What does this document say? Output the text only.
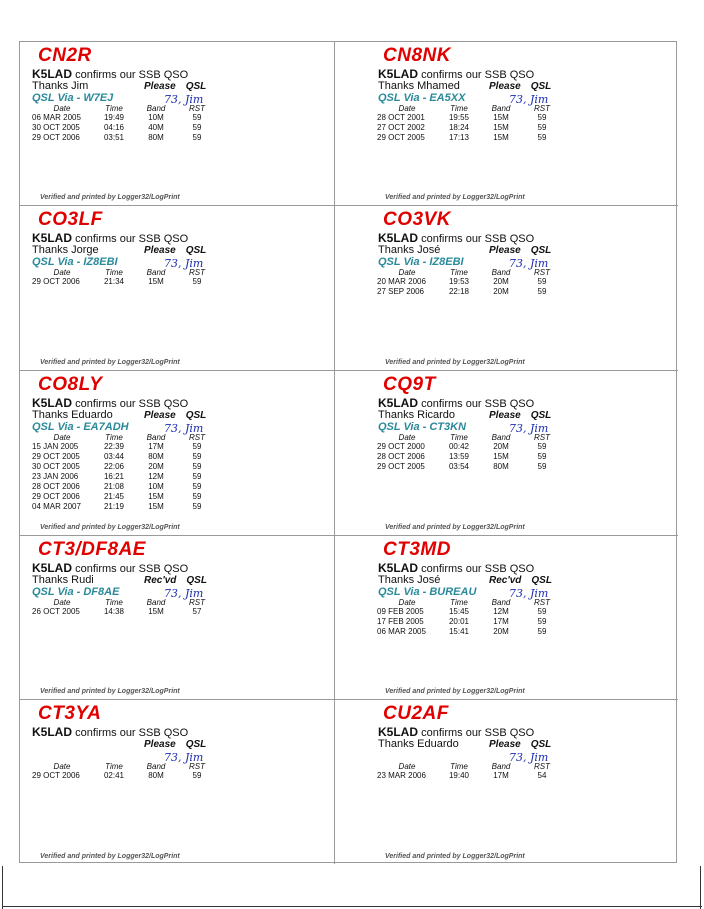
CN2R
K5LAD confirms our SSB QSO
Thanks Jim	Please QSL
QSL Via - W7EJ	73, Jim
Date	Time	Band	RST
06 MAR 2005	19:49	10M	59
30 OCT 2005	04:16	40M	59
29 OCT 2006	03:51	80M	59
Verified and printed by Logger32/LogPrint
CN8NK
K5LAD confirms our SSB QSO
Thanks Mhamed	Please QSL
QSL Via - EA5XX	73, Jim
Date	Time	Band	RST
28 OCT 2001	19:55	15M	59
27 OCT 2002	18:24	15M	59
29 OCT 2005	17:13	15M	59
Verified and printed by Logger32/LogPrint
CO3LF
K5LAD confirms our SSB QSO
Thanks Jorge	Please QSL
QSL Via - IZ8EBI	73, Jim
Date	Time	Band	RST
29 OCT 2006	21:34	15M	59
Verified and printed by Logger32/LogPrint
CO3VK
K5LAD confirms our SSB QSO
Thanks José	Please QSL
QSL Via - IZ8EBI	73, Jim
Date	Time	Band	RST
20 MAR 2006	19:53	20M	59
27 SEP 2006	22:18	20M	59
Verified and printed by Logger32/LogPrint
CO8LY
K5LAD confirms our SSB QSO
Thanks Eduardo	Please QSL
QSL Via - EA7ADH	73, Jim
Date	Time	Band	RST
15 JAN 2005	22:39	17M	59
29 OCT 2005	03:44	80M	59
30 OCT 2005	22:06	20M	59
23 JAN 2006	16:21	12M	59
28 OCT 2006	21:08	10M	59
29 OCT 2006	21:45	15M	59
04 MAR 2007	21:19	15M	59
Verified and printed by Logger32/LogPrint
CQ9T
K5LAD confirms our SSB QSO
Thanks Ricardo	Please QSL
QSL Via - CT3KN	73, Jim
Date	Time	Band	RST
29 OCT 2000	00:42	20M	59
28 OCT 2006	13:59	15M	59
29 OCT 2005	03:54	80M	59
Verified and printed by Logger32/LogPrint
CT3/DF8AE
K5LAD confirms our SSB QSO
Thanks Rudi	Rec'vd QSL
QSL Via - DF8AE	73, Jim
Date	Time	Band	RST
26 OCT 2005	14:38	15M	57
Verified and printed by Logger32/LogPrint
CT3MD
K5LAD confirms our SSB QSO
Thanks José	Rec'vd QSL
QSL Via - BUREAU	73, Jim
Date	Time	Band	RST
09 FEB 2005	15:45	12M	59
17 FEB 2005	20:01	17M	59
06 MAR 2005	15:41	20M	59
Verified and printed by Logger32/LogPrint
CT3YA
K5LAD confirms our SSB QSO
Please QSL
73, Jim
Date	Time	Band	RST
29 OCT 2006	02:41	80M	59
Verified and printed by Logger32/LogPrint
CU2AF
K5LAD confirms our SSB QSO
Thanks Eduardo	Please QSL
73, Jim
Date	Time	Band	RST
23 MAR 2006	19:40	17M	54
Verified and printed by Logger32/LogPrint
